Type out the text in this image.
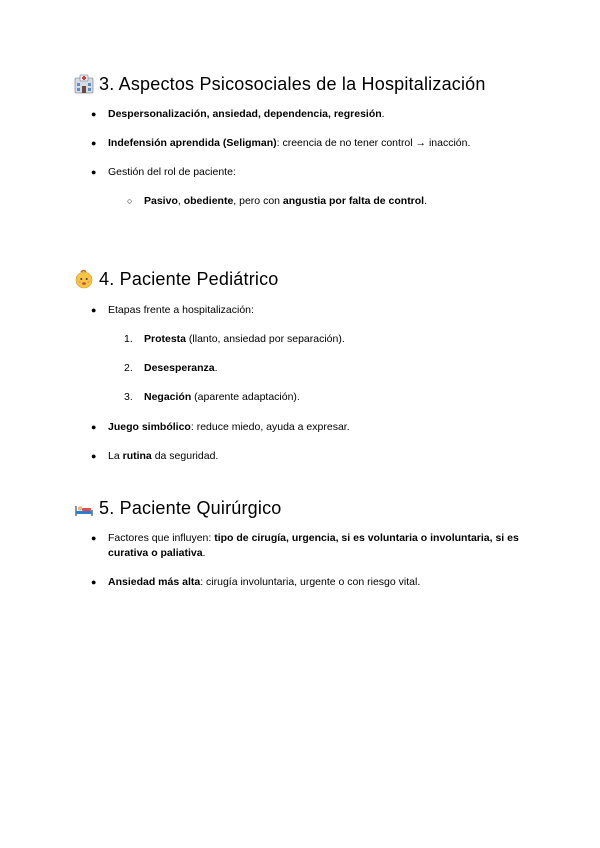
3. Aspectos Psicosociales de la Hospitalización
● Despersonalización, ansiedad, dependencia, regresión.
● Indefensión aprendida (Seligman): creencia de no tener control → inacción.
● Gestión del rol de paciente:
○ Pasivo, obediente, pero con angustia por falta de control.
4. Paciente Pediátrico
● Etapas frente a hospitalización:
1. Protesta (llanto, ansiedad por separación).
2. Desesperanza.
3. Negación (aparente adaptación).
● Juego simbólico: reduce miedo, ayuda a expresar.
● La rutina da seguridad.
5. Paciente Quirúrgico
● Factores que influyen: tipo de cirugía, urgencia, si es voluntaria o involuntaria, si es curativa o paliativa.
● Ansiedad más alta: cirugía involuntaria, urgente o con riesgo vital.
